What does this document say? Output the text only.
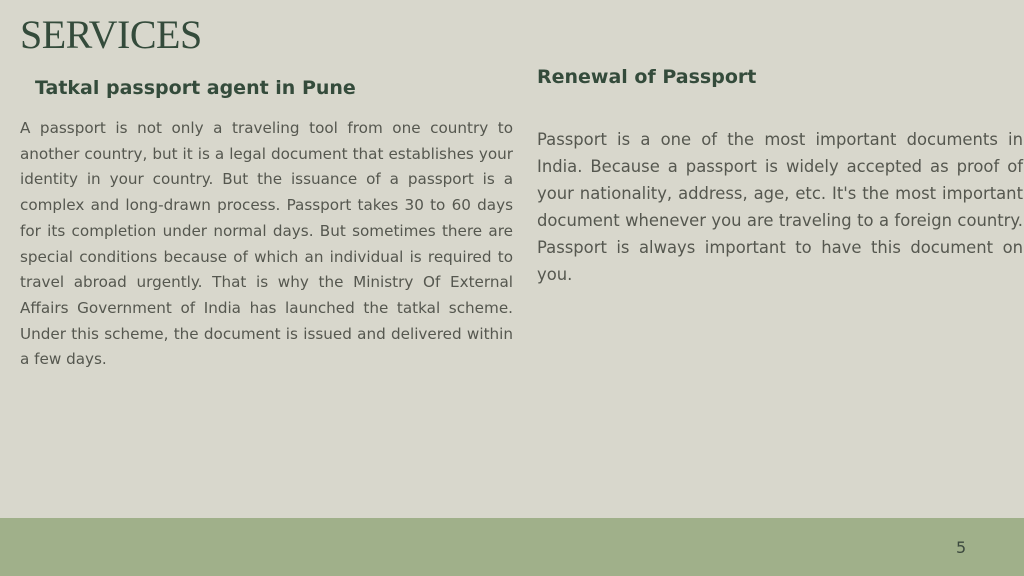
SERVICES
Tatkal passport agent in Pune

A passport is not only a traveling tool from one country to another country, but it is a legal document that establishes your identity in your country. But the issuance of a passport is a complex and long-drawn process. Passport takes 30 to 60 days for its completion under normal days. But sometimes there are special conditions because of which an individual is required to travel abroad urgently. That is why the Ministry Of External Affairs Government of India has launched the tatkal scheme. Under this scheme, the document is issued and delivered within a few days.

Renewal of Passport

Passport is a one of the most important documents in India. Because a passport is widely accepted as proof of your nationality, address, age, etc. It's the most important document whenever you are traveling to a foreign country. Passport is always important to have this document on you.

5
